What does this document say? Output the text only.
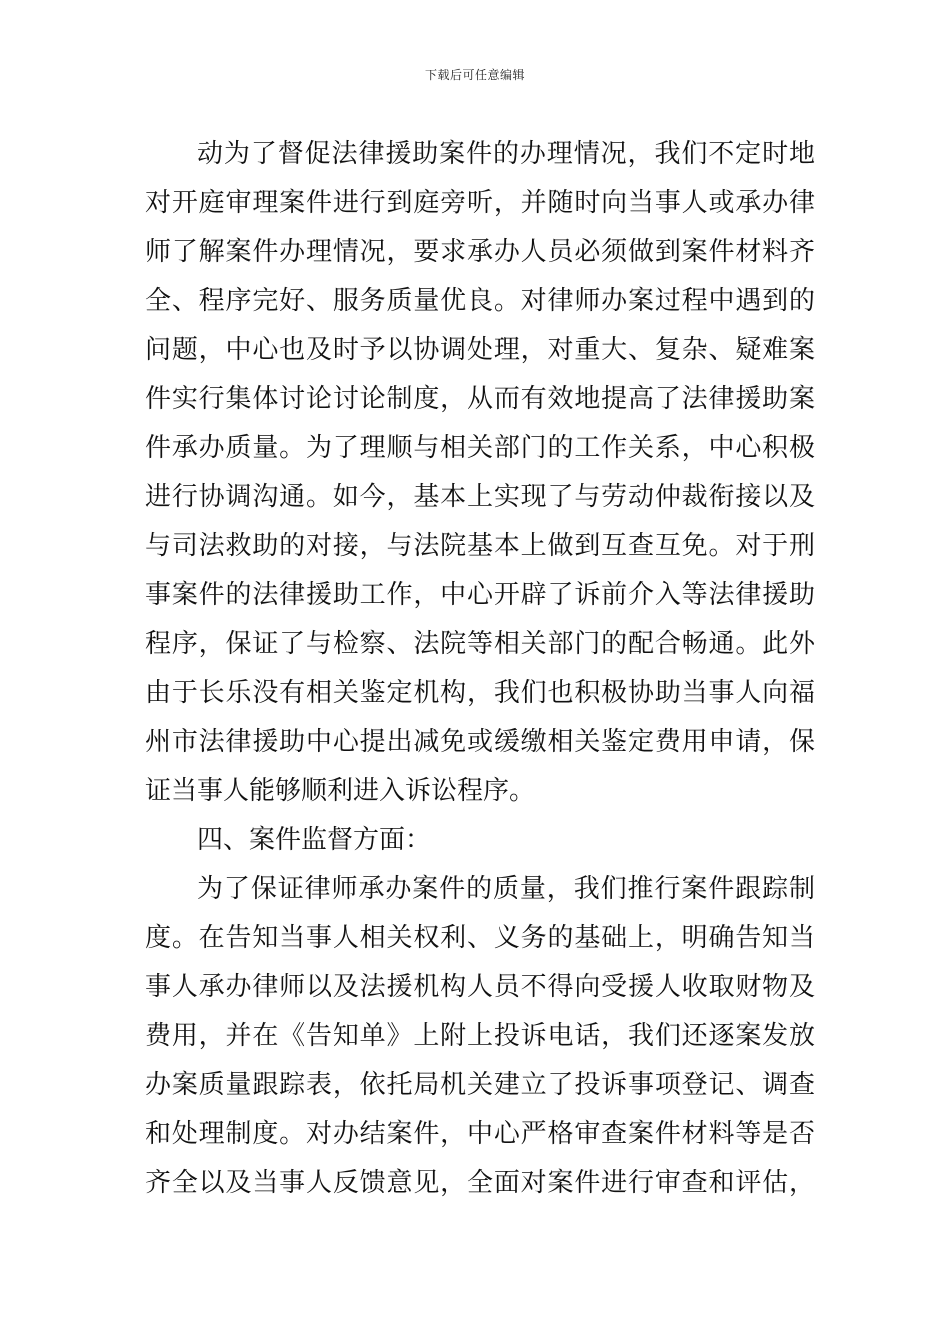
下载后可任意编辑
动为了督促法律援助案件的办理情况，我们不定时地
对开庭审理案件进行到庭旁听，并随时向当事人或承办律
师了解案件办理情况，要求承办人员必须做到案件材料齐
全、程序完好、服务质量优良。对律师办案过程中遇到的
问题，中心也及时予以协调处理，对重大、复杂、疑难案
件实行集体讨论讨论制度，从而有效地提高了法律援助案
件承办质量。为了理顺与相关部门的工作关系，中心积极
进行协调沟通。如今，基本上实现了与劳动仲裁衔接以及
与司法救助的对接，与法院基本上做到互查互免。对于刑
事案件的法律援助工作，中心开辟了诉前介入等法律援助
程序，保证了与检察、法院等相关部门的配合畅通。此外
由于长乐没有相关鉴定机构，我们也积极协助当事人向福
州市法律援助中心提出减免或缓缴相关鉴定费用申请，保
证当事人能够顺利进入诉讼程序。
四、案件监督方面：
为了保证律师承办案件的质量，我们推行案件跟踪制
度。在告知当事人相关权利、义务的基础上，明确告知当
事人承办律师以及法援机构人员不得向受援人收取财物及
费用，并在《告知单》上附上投诉电话，我们还逐案发放
办案质量跟踪表，依托局机关建立了投诉事项登记、调查
和处理制度。对办结案件，中心严格审查案件材料等是否
齐全以及当事人反馈意见，全面对案件进行审查和评估，
